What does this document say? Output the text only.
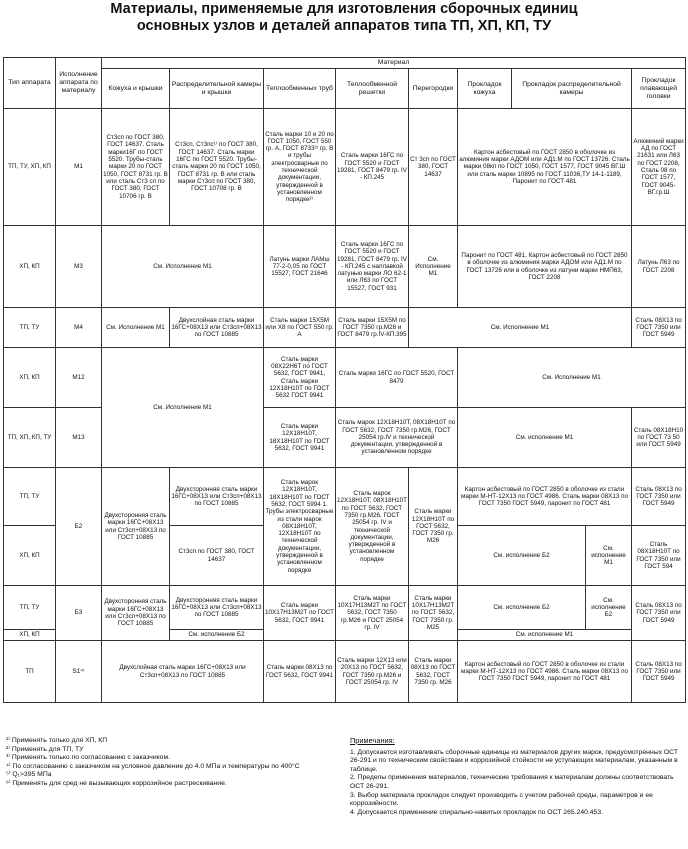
Материалы, применяемые для изготовления сборочных единиц
основных узлов и деталей аппаратов типа ТП, ХП, КП, ТУ
Тип аппарата	Исполнение аппарата по материалу	Материал								
		Кожуха и крышки	Распределительной камеры и крышки	Теплообменных труб	Теплообменной решетки	Перегородки	Прокладок кожуха	Прокладок распределительной камеры		Прокладок плавающей головки
ТП, ТУ, ХП, КП	М1	Ст3сп по ГОСТ 380, ГОСТ 14637. Сталь марки16Г по ГОСТ 5520. Трубы-сталь марки 20 по ГОСТ 1050, ГОСТ 8731 гр. В или сталь Ст3 сп по ГОСТ 380, ГОСТ 10706 гр. В	Ст3сп, Ст3пс¹⁾ по ГОСТ 380, ГОСТ 14637. Сталь марки 16ГС по ГОСТ 5520. Трубы-сталь марки 20 по ГОСТ 1050, ГОСТ 8731 гр. В или сталь марки Ст3сп по ГОСТ 380, ГОСТ 10708 гр. В	Сталь марки 10 и 20 по ГОСТ 1050, ГОСТ 550 гр. А, ГОСТ 8733³⁾ гр. В и трубы электросварные по технической документации, утвержденной в установленном порядке²⁾	Сталь марки 16ГС по ГОСТ 5520 и ГОСТ 19281, ГОСТ 8479 гр. IV - КП.245	Ст 3сп по ГОСТ 380, ГОСТ 14637	Картон асбестовый по ГОСТ 2850 в оболочке из алюминия марки АДОМ или АД1.М по ГОСТ 13726. Сталь марки 08кп по ГОСТ 1050, ГОСТ 1577, ГОСТ 9045 ВГ.Ш или сталь марки 10895 по ГОСТ 11036,ТУ 14-1-1189, Паронит по ГОСТ 481			Алюминий марки АД по ГОСТ 21631 или Л63 по ГОСТ 2208, Сталь 08 по ГОСТ 1577, ГОСТ 9045-ВГ.гр.Ш
ХП, КП	М3	См. Исполнение М1		Латунь марки ЛАМш 77-2-0,05 по ГОСТ 15527, ГОСТ 21646	Сталь марки 16ГС по ГОСТ 5520 и ГОСТ 19281, ГОСТ 8479 гр. IV - КП.245 с наплавкой латунью марки ЛО 62-1 или Л63 по ГОСТ 15527, ГОСТ 931	См. Исполнение М1	Паронит по ГОСТ 481, Картон асбестовый по ГОСТ 2850 в оболочке из алюминия марки АДОМ или АД1.М по ГОСТ 13726 или в оболочке из латуни марки НМП63, ГОСТ 2208			Латунь Л63 по ГОСТ 2208
ТП, ТУ	М4	См. Исполнение М1	Двухслойная сталь марки 16ГС+08Х13 или Ст3сп+08Х13 по ГОСТ 10885	Сталь марки 15Х5М или Х8 по ГОСТ 550 гр. А	Сталь марки 15Х5М по ГОСТ 7350 гр.М26 и ГОСТ 8479 гр.IV-КП.395	См. Исполнение М1				Сталь 08Х13 по ГОСТ 7350 или ГОСТ 5949
ХП, КП	М12	См. Исполнение М1		Сталь марки 08Х22Н6Т по ГОСТ 5632, ГОСТ 9941, Сталь марки 12Х18Н10Т по ГОСТ 5632 ГОСТ 9941	Сталь марки 16ГС по ГОСТ 5520, ГОСТ 8479		См. Исполнение М1			
ТП, ХП, КП, ТУ	М13			Сталь марки 12Х18Н10Т, 18Х18Н10Т по ГОСТ 5632, ГОСТ 9941	Сталь марок 12Х18Н10Т, 08Х18Н10Т по ГОСТ 5632, ГОСТ 7350 гр.М26, ГОСТ 25054 гр.IV и технической документации, утвержденной в установленном порядке		См. исполнение М1			Сталь 08Х18Н10 по ГОСТ 73 50 или ГОСТ 5949
ТП, ТУ	Б2	Двухсторонняя сталь марки 16ГС+08Х13 или Ст3сп+08Х13 по ГОСТ 10885	Двухсторонняя сталь марки 16ГС+08Х13 или Ст3сп+08Х13 по ГОСТ 10885	Сталь марок 12Х18Н10Т, 18Х18Н10Т по ГОСТ 5632, ГОСТ 5994 1. Трубы электросварные из стали марок 08Х18Н10Т, 12Х18Н10Т по технической документации, утвержденной в установленном порядке	Сталь марок 12Х18Н10Т, 08Х18Н10Т по ГОСТ 5632, ГОСТ 7350 гр.М26, ГОСТ 25054 гр. IV и технической документации, утвержденной в установленном порядке	Сталь марки 12Х18Н10Т по ГОСТ 5632, ГОСТ 7350 гр. М26	Картон асбестовый по ГОСТ 2850 в оболочке из стали марки М-НТ-12Х13 по ГОСТ 4986. Сталь марки 08Х13 по ГОСТ 7350 ГОСТ 5949, паронит по ГОСТ 481			Сталь 08Х13 по ГОСТ 7350 или ГОСТ 5949
ХП, КП			Ст3сп по ГОСТ 380, ГОСТ 14637				См. исполнение Б2		См. исполнение М1	Сталь 08Х18Н10Т по ГОСТ 7350 или ГОСТ 594
ТП, ТУ	Б3	Двухсторонняя сталь марки 16ГС+08Х13 или Ст3сп+08Х13 по ГОСТ 10885	Двухсторонняя сталь марки 16ГС+08Х13 или Ст3сп+08Х13 по ГОСТ 10885	Сталь марки 10Х17Н13М2Т по ГОСТ 5632, ГОСТ 9941	Сталь марки 10Х17Н13М2Т по ГОСТ 5632, ГОСТ 7350 гр.М26 и ГОСТ 25054 гр. IV	Сталь марки 10Х17Н13М2Т по ГОСТ 5632, ГОСТ 7350 гр. М25	См. исполнение Б2		См. исполнение Б2	Сталь 08Х13 по ГОСТ 7350 или ГОСТ 5949
ХП, КП			См. исполнение Б2				См. исполнение М1			
ТП	S1⁴⁾	Двухслойная сталь марки 16ГС+08Х13 или Ст3сп+08Х13 по ГОСТ 10885		Сталь марки 08Х13 по ГОСТ 5632, ГОСТ 9941	Сталь марки 12Х13 или 20Х13 по ГОСТ 5632, ГОСТ 7350 гр.М26 и ГОСТ 25054 гр. IV	Сталь марки 08Х13 по ГОСТ 5632, ГОСТ 7350 гр. М26	Картон асбестовый по ГОСТ 2850 в оболочке из стали марки М-НТ-12Х13 по ГОСТ 4986. Сталь марки 08Х13 по ГОСТ 7350 ГОСТ 5949, паронит по ГОСТ 481			Сталь 08Х13 по ГОСТ 7350 или ГОСТ 5949
¹⁾ Применять только для ХП, КП
²⁾ Применять для ТП, ТУ
³⁾ Применять только по согласованию с заказчиком.
⁴⁾ По согласованию с заказчиком на условное давление до 4.0 МПа и температуры по 400°С
⁵⁾ Q₁>395 МПа
⁶⁾ Применять для сред не вызывающих коррозийное растрескивание.
Примечания:
1. Допускается изготавливать сборочные единицы из материалов других марок, предусмотренных ОСТ 26-291 и по техническим свойствам и коррозийной стойкости не уступающих материалам, указанным в таблице.
2. Пределы применения материалов, технические требования к материалам должны соответствовать ОСТ 26-291.
3. Выбор материала прокладок следует производить с учетом рабочей среды, параметров и ее коррозийности.
4. Допускается применение спирально-навитых прокладок по ОСТ 265.240.453.
